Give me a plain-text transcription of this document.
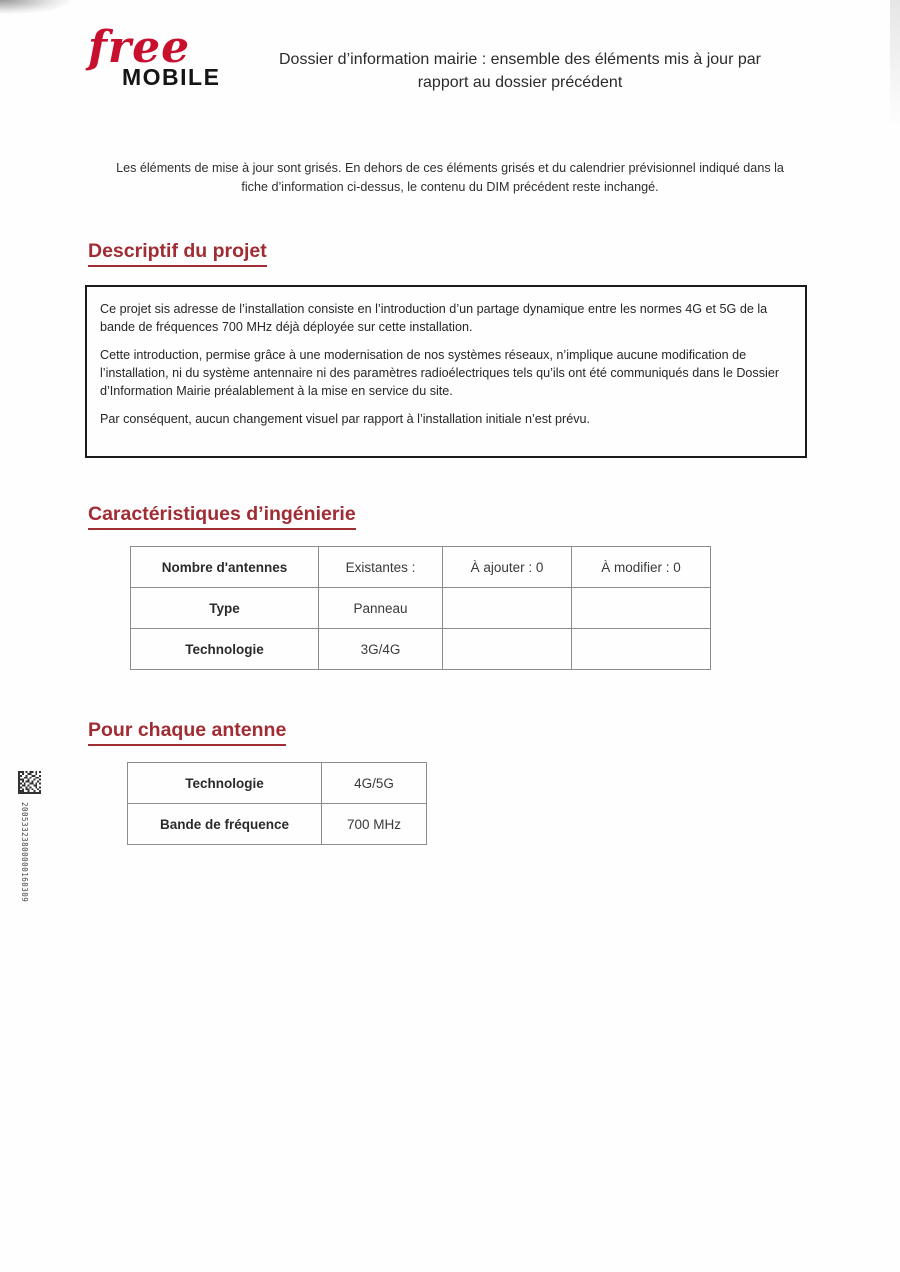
free
MOBILE
Dossier d’information mairie : ensemble des éléments mis à jour par
rapport au dossier précédent
Les éléments de mise à jour sont grisés. En dehors de ces éléments grisés et du calendrier prévisionnel indiqué dans la
fiche d’information ci-dessus, le contenu du DIM précédent reste inchangé.
Descriptif du projet

Ce projet sis adresse de l’installation consiste en l’introduction d’un partage dynamique entre les normes 4G et 5G de la bande de fréquences 700 MHz déjà déployée sur cette installation.

Cette introduction, permise grâce à une modernisation de nos systèmes réseaux, n’implique aucune modification de l’installation, ni du système antennaire ni des paramètres radioélectriques tels qu’ils ont été communiqués dans le Dossier d’Information Mairie préalablement à la mise en service du site.

Par conséquent, aucun changement visuel par rapport à l’installation initiale n’est prévu.

Caractéristiques d’ingénierie
Nombre d'antennes	Existantes :	À ajouter : 0	À modifier : 0
Type	Panneau		
Technologie	3G/4G		
Pour chaque antenne
Technologie	4G/5G
Bande de fréquence	700 MHz
20053323800000160309
